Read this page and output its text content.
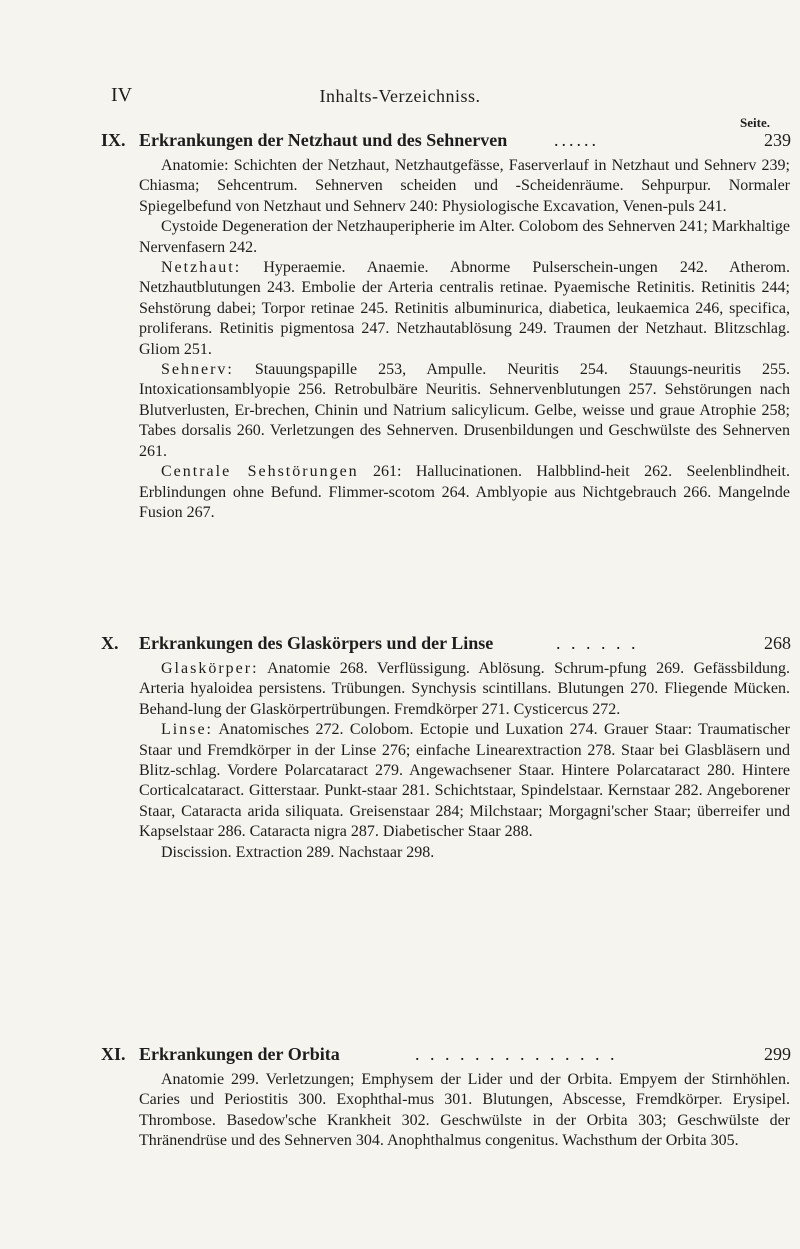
IV	Inhalts-Verzeichniss.
Seite.
IX. Erkrankungen der Netzhaut und des Sehnerven	......	239

Anatomie: Schichten der Netzhaut, Netzhautgefässe, Faserverlauf in Netzhaut und Sehnerv 239; Chiasma; Sehcentrum. Sehnerven scheiden und -Scheidenräume. Sehpurpur. Normaler Spiegelbefund von Netzhaut und Sehnerv 240: Physiologische Excavation, Venen-puls 241.

Cystoide Degeneration der Netzhauperipherie im Alter. Colobom des Sehnerven 241; Markhaltige Nervenfasern 242.

Netzhaut: Hyperaemie. Anaemie. Abnorme Pulserschein-ungen 242. Atherom. Netzhautblutungen 243. Embolie der Arteria centralis retinae. Pyaemische Retinitis. Retinitis 244; Sehstörung dabei; Torpor retinae 245. Retinitis albuminurica, diabetica, leukaemica 246, specifica, proliferans. Retinitis pigmentosa 247. Netzhautablösung 249. Traumen der Netzhaut. Blitzschlag. Gliom 251.

Sehnerv: Stauungspapille 253, Ampulle. Neuritis 254. Stauungs-neuritis 255. Intoxicationsamblyopie 256. Retrobulbäre Neuritis. Sehnervenblutungen 257. Sehstörungen nach Blutverlusten, Er-brechen, Chinin und Natrium salicylicum. Gelbe, weisse und graue Atrophie 258; Tabes dorsalis 260. Verletzungen des Sehnerven. Drusenbildungen und Geschwülste des Sehnerven 261.

Centrale Sehstörungen 261: Hallucinationen. Halbblind-heit 262. Seelenblindheit. Erblindungen ohne Befund. Flimmer-scotom 264. Amblyopie aus Nichtgebrauch 266. Mangelnde Fusion 267.

X. Erkrankungen des Glaskörpers und der Linse	. . . . . .	268

Glaskörper: Anatomie 268. Verflüssigung. Ablösung. Schrum-pfung 269. Gefässbildung. Arteria hyaloidea persistens. Trübungen. Synchysis scintillans. Blutungen 270. Fliegende Mücken. Behand-lung der Glaskörpertrübungen. Fremdkörper 271. Cysticercus 272.

Linse: Anatomisches 272. Colobom. Ectopie und Luxation 274. Grauer Staar: Traumatischer Staar und Fremdkörper in der Linse 276; einfache Linearextraction 278. Staar bei Glasbläsern und Blitz-schlag. Vordere Polarcataract 279. Angewachsener Staar. Hintere Polarcataract 280. Hintere Corticalcataract. Gitterstaar. Punkt-staar 281. Schichtstaar, Spindelstaar. Kernstaar 282. Angeborener Staar, Cataracta arida siliquata. Greisenstaar 284; Milchstaar; Morgagni'scher Staar; überreifer und Kapselstaar 286. Cataracta nigra 287. Diabetischer Staar 288.

Discission. Extraction 289. Nachstaar 298.

XI. Erkrankungen der Orbita	. . . . . . . . . . . . . .	299

Anatomie 299. Verletzungen; Emphysem der Lider und der Orbita. Empyem der Stirnhöhlen. Caries und Periostitis 300. Exophthal-mus 301. Blutungen, Abscesse, Fremdkörper. Erysipel. Thrombose. Basedow'sche Krankheit 302. Geschwülste in der Orbita 303; Geschwülste der Thränendrüse und des Sehnerven 304. Anophthalmus congenitus. Wachsthum der Orbita 305.
